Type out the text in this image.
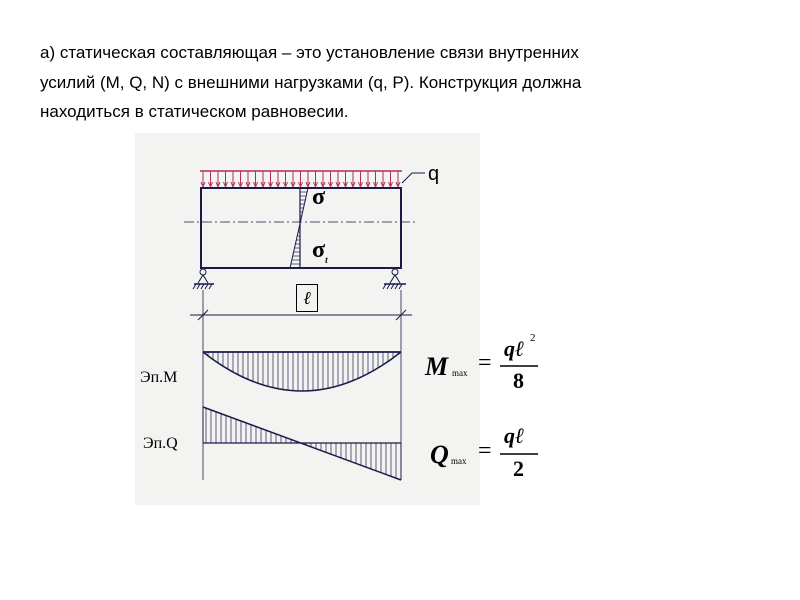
а) статическая составляющая – это установление связи внутренних
усилий (M, Q, N) с внешними нагрузками (q, P). Конструкция должна
находиться в статическом равновесии.
q
σ
$\sigma_t$
ℓ
Эп.М
Эп.Q
M max =
qℓ 2
8
Q max =
qℓ
2
